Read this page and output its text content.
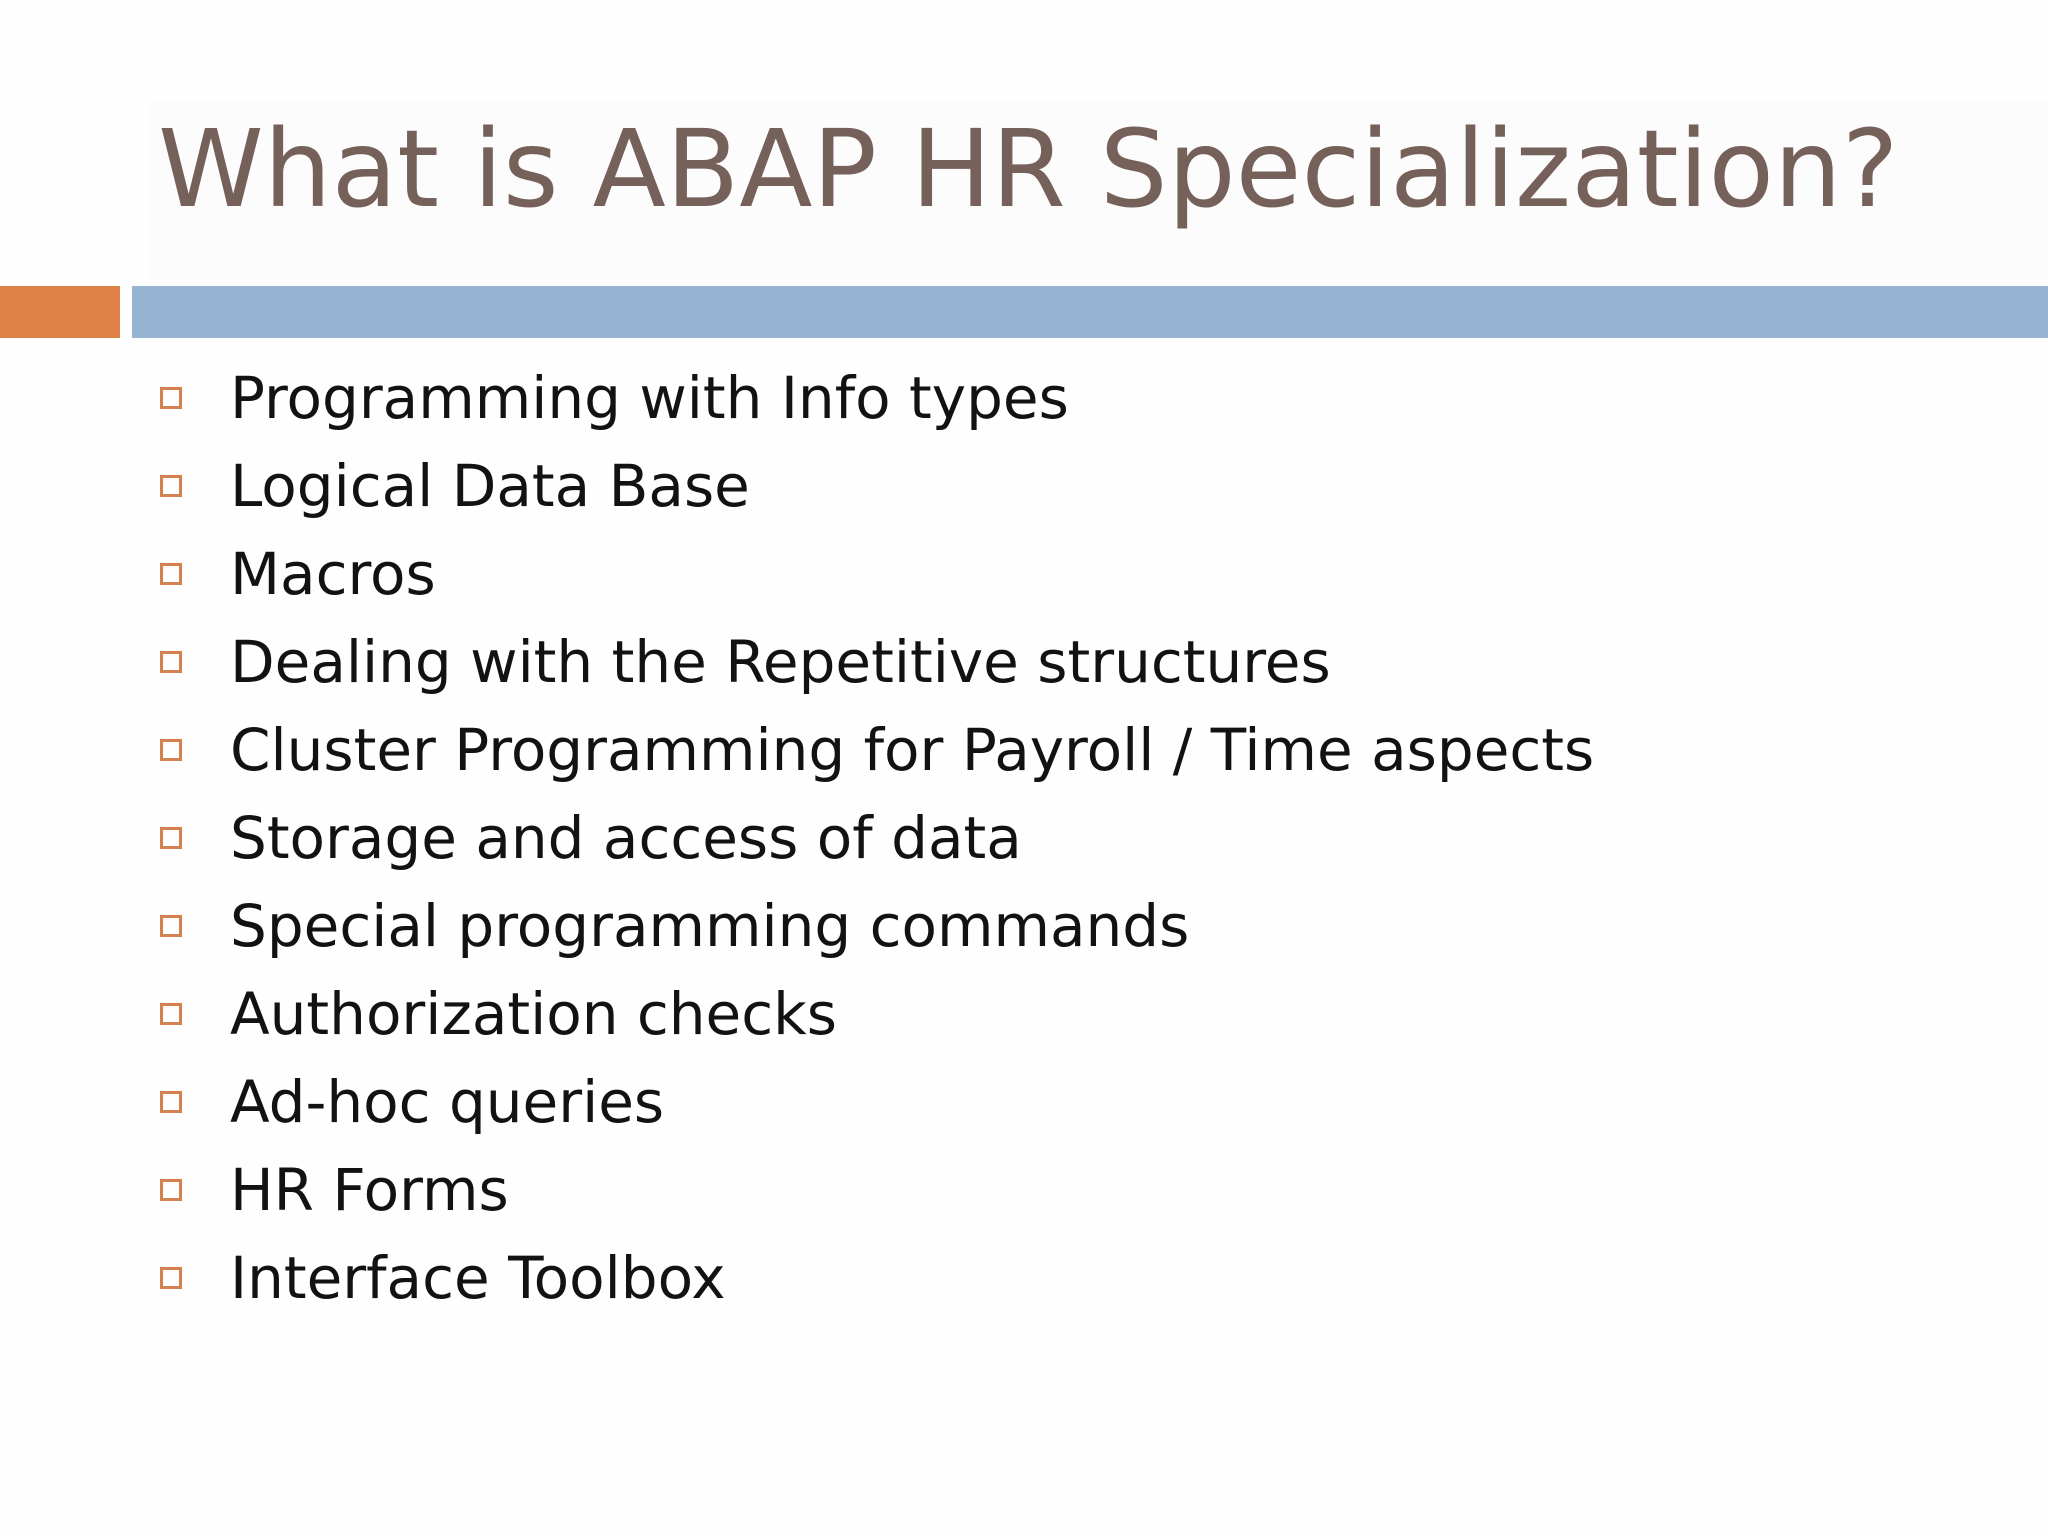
What is ABAP HR Specialization?
Programming with Info types
Logical Data Base
Macros
Dealing with the Repetitive structures
Cluster Programming for Payroll / Time aspects
Storage and access of data
Special programming commands
Authorization checks
Ad-hoc queries
HR Forms
Interface Toolbox
